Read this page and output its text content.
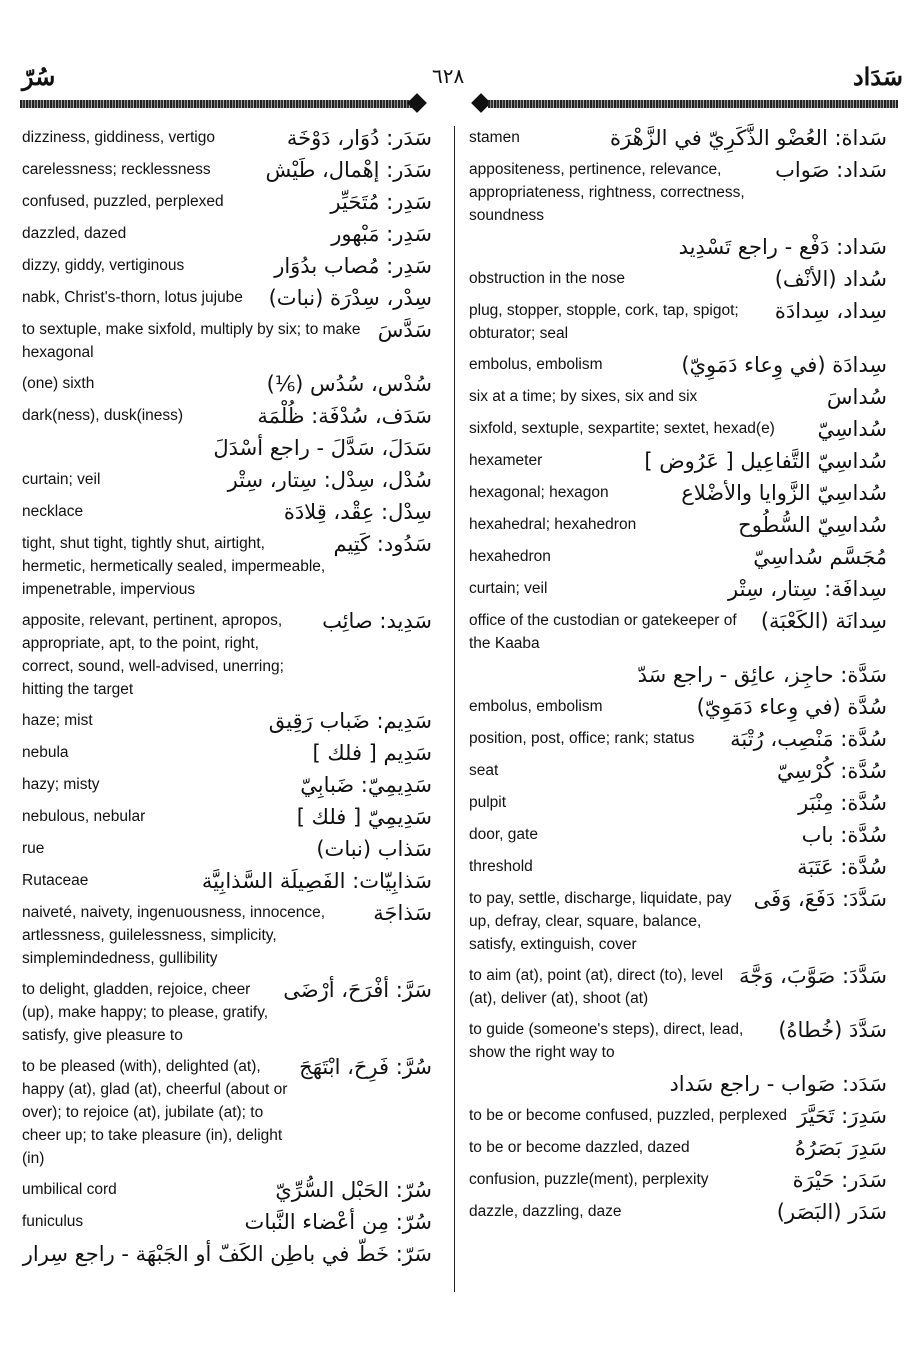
سُرّ	٦٢٨	سَدَاد
سَدَر: دُوَار، دَوْخَة
dizziness, giddiness, vertigo
سَدَر: إهْمال، طَيْش
carelessness; recklessness
سَدِر: مُتَحَيِّر
confused, puzzled, perplexed
سَدِر: مَبْهور
dazzled, dazed
سَدِر: مُصاب بدُوَار
dizzy, giddy, vertiginous
سِدْر، سِدْرَة (نبات)
nabk, Christ's-thorn, lotus jujube
سَدَّسَ
to sextuple, make sixfold, multiply by six; to make hexagonal
سُدْس، سُدُس (⅙)
(one) sixth
سَدَف، سُدْفَة: ظُلْمَة
dark(ness), dusk(iness)
سَدَلَ، سَدَّلَ - راجع أسْدَلَ
سُدْل، سِدْل: سِتار، سِتْر
curtain; veil
سِدْل: عِقْد، قِلادَة
necklace
سَدُود: كَتِيم
tight, shut tight, tightly shut, airtight, hermetic, hermetically sealed, impermeable, impenetrable, impervious
سَدِيد: صائِب
apposite, relevant, pertinent, apropos, appropriate, apt, to the point, right, correct, sound, well-advised, unerring; hitting the target
سَدِيم: ضَباب رَقِيق
haze; mist
سَدِيم [ فلك ]
nebula
سَدِيمِيّ: ضَبابِيّ
hazy; misty
سَدِيمِيّ [ فلك ]
nebulous, nebular
سَذاب (نبات)
rue
سَذابِيّات: الفَصِيلَة السَّذابِيَّة
Rutaceae
سَذاجَة
naiveté, naivety, ingenuousness, innocence, artlessness, guilelessness, simplicity, simplemindedness, gullibility
سَرَّ: أفْرَحَ، أرْضَى
to delight, gladden, rejoice, cheer (up), make happy; to please, gratify, satisfy, give pleasure to
سُرَّ: فَرِحَ، ابْتَهَجَ
to be pleased (with), delighted (at), happy (at), glad (at), cheerful (about or over); to rejoice (at), jubilate (at); to cheer up; to take pleasure (in), delight (in)
سُرّ: الحَبْل السُّرِّيّ
umbilical cord
سُرّ: مِن أعْضاء النَّبات
funiculus
سَرّ: خَطّ في باطِن الكَفّ أو الجَبْهَة - راجع سِرار
سَداة: العُضْو الذَّكَرِيّ في الزَّهْرَة
stamen
سَداد: صَواب
appositeness, pertinence, relevance, appropriateness, rightness, correctness, soundness
سَداد: دَفْع - راجع تَسْدِيد
سُداد (الأنْف)
obstruction in the nose
سِداد، سِدادَة
plug, stopper, stopple, cork, tap, spigot; obturator; seal
سِدادَة (في وِعاء دَمَوِيّ)
embolus, embolism
سُداسَ
six at a time; by sixes, six and six
سُداسِيّ
sixfold, sextuple, sexpartite; sextet, hexad(e)
سُداسِيّ التَّفاعِيل [ عَرُوض ]
hexameter
سُداسِيّ الزَّوايا والأضْلاع
hexagonal; hexagon
سُداسِيّ السُّطُوح
hexahedral; hexahedron
مُجَسَّم سُداسِيّ
hexahedron
سِدافَة: سِتار، سِتْر
curtain; veil
سِدانَة (الكَعْبَة)
office of the custodian or gatekeeper of the Kaaba
سَدَّة: حاجِز، عائِق - راجع سَدّ
سُدَّة (في وِعاء دَمَوِيّ)
embolus, embolism
سُدَّة: مَنْصِب، رُتْبَة
position, post, office; rank; status
سُدَّة: كُرْسِيّ
seat
سُدَّة: مِنْبَر
pulpit
سُدَّة: باب
door, gate
سُدَّة: عَتَبَة
threshold
سَدَّدَ: دَفَعَ، وَفَى
to pay, settle, discharge, liquidate, pay up, defray, clear, square, balance, satisfy, extinguish, cover
سَدَّدَ: صَوَّبَ، وَجَّهَ
to aim (at), point (at), direct (to), level (at), deliver (at), shoot (at)
سَدَّدَ (خُطاهُ)
to guide (someone's steps), direct, lead, show the right way to
سَدَد: صَواب - راجع سَداد
سَدِرَ: تَحَيَّرَ
to be or become confused, puzzled, perplexed
سَدِرَ بَصَرُهُ
to be or become dazzled, dazed
سَدَر: حَيْرَة
confusion, puzzle(ment), perplexity
سَدَر (البَصَر)
dazzle, dazzling, daze
